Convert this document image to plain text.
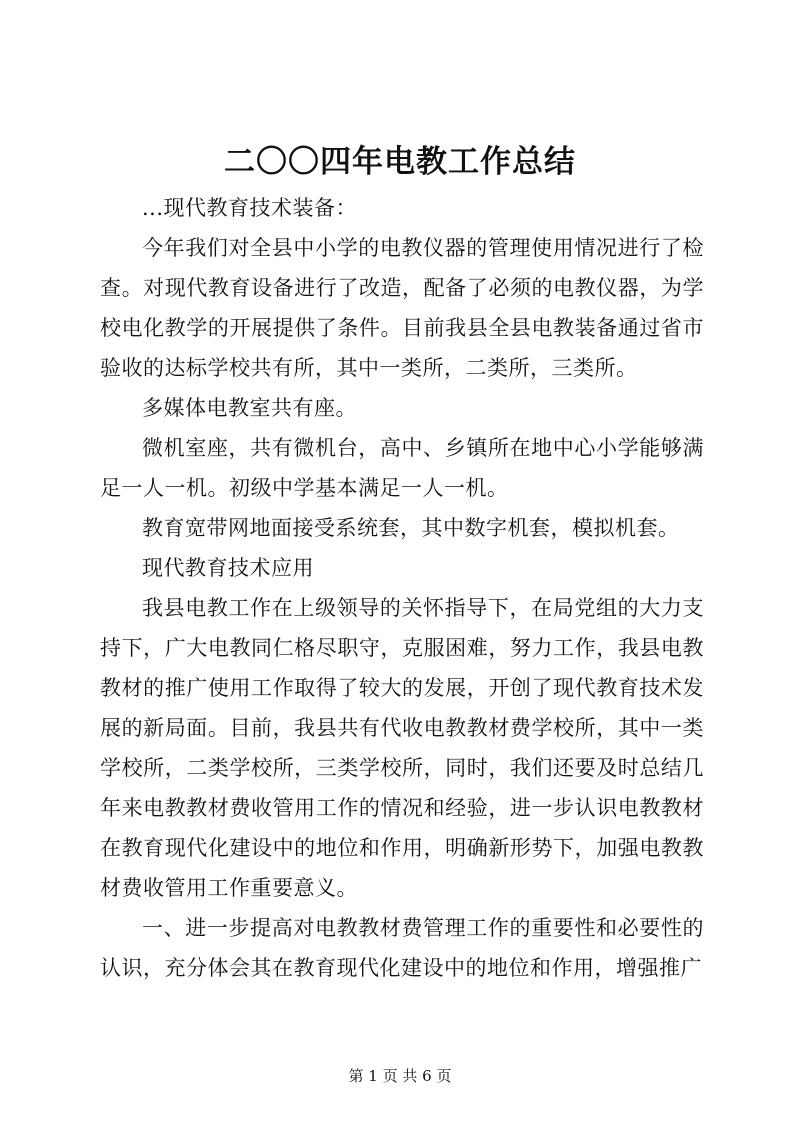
二〇〇四年电教工作总结

...现代教育技术装备：

今年我们对全县中小学的电教仪器的管理使用情况进行了检查。对现代教育设备进行了改造，配备了必须的电教仪器，为学校电化教学的开展提供了条件。目前我县全县电教装备通过省市验收的达标学校共有所，其中一类所，二类所，三类所。

多媒体电教室共有座。

微机室座，共有微机台，高中、乡镇所在地中心小学能够满足一人一机。初级中学基本满足一人一机。

教育宽带网地面接受系统套，其中数字机套，模拟机套。

现代教育技术应用

我县电教工作在上级领导的关怀指导下，在局党组的大力支持下，广大电教同仁格尽职守，克服困难，努力工作，我县电教教材的推广使用工作取得了较大的发展，开创了现代教育技术发展的新局面。目前，我县共有代收电教教材费学校所，其中一类学校所，二类学校所，三类学校所，同时，我们还要及时总结几年来电教教材费收管用工作的情况和经验，进一步认识电教教材在教育现代化建设中的地位和作用，明确新形势下，加强电教教材费收管用工作重要意义。

一、进一步提高对电教教材费管理工作的重要性和必要性的认识，充分体会其在教育现代化建设中的地位和作用，增强推广

第 1 页 共 6 页
